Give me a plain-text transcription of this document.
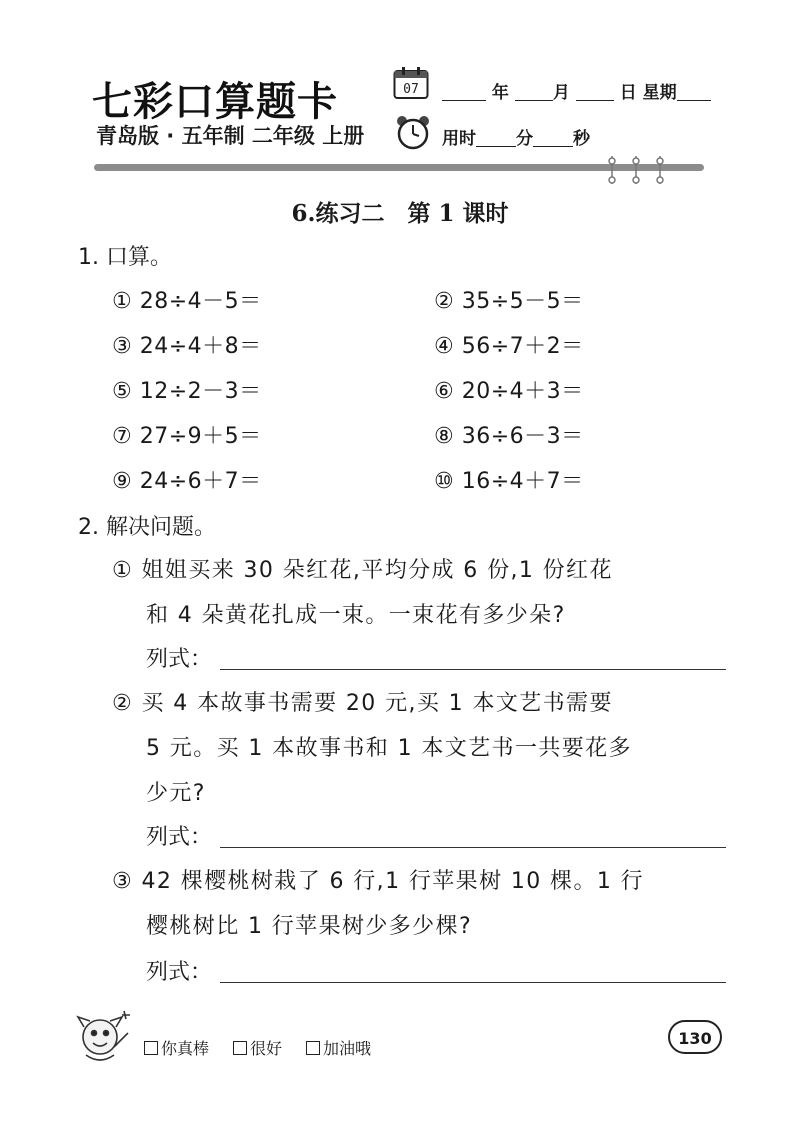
七彩口算题卡
青岛版 · 五年制 二年级 上册
07	年	月	日 星期
用时 分 秒
6.练习二　第 1 课时
1. 口算。
① 28÷4－5＝	② 35÷5－5＝
③ 24÷4＋8＝	④ 56÷7＋2＝
⑤ 12÷2－3＝	⑥ 20÷4＋3＝
⑦ 27÷9＋5＝	⑧ 36÷6－3＝
⑨ 24÷6＋7＝	⑩ 16÷4＋7＝
2. 解决问题。
① 姐姐买来 30 朵红花,平均分成 6 份,1 份红花
和 4 朵黄花扎成一束。一束花有多少朵?
列式：
② 买 4 本故事书需要 20 元,买 1 本文艺书需要
5 元。买 1 本故事书和 1 本文艺书一共要花多
少元?
列式：
③ 42 棵樱桃树栽了 6 行,1 行苹果树 10 棵。1 行
樱桃树比 1 行苹果树少多少棵?
列式：
你真棒	很好	加油哦
130
